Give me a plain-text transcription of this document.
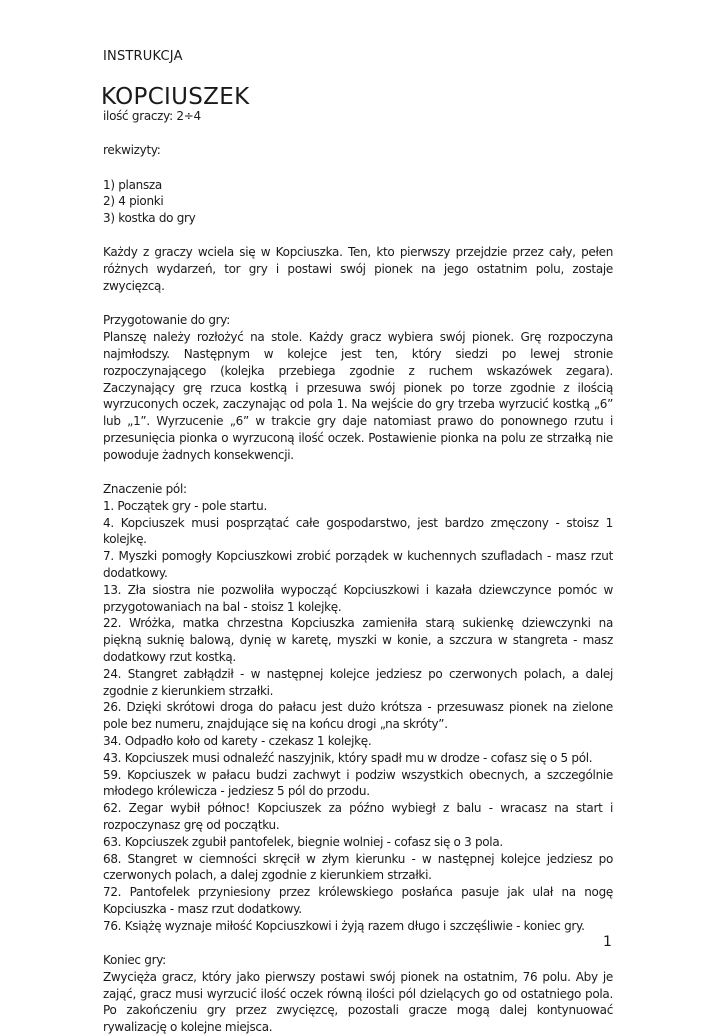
INSTRUKCJA
KOPCIUSZEK
ilość graczy: 2÷4
rekwizyty:
1) plansza
2) 4 pionki
3) kostka do gry
Każdy z graczy wciela się w Kopciuszka. Ten, kto pierwszy przejdzie przez cały, pełen różnych wydarzeń, tor gry i postawi swój pionek na jego ostatnim polu, zostaje zwycięzcą.
Przygotowanie do gry:
Planszę należy rozłożyć na stole. Każdy gracz wybiera swój pionek. Grę rozpoczyna najmłodszy. Następnym w kolejce jest ten, który siedzi po lewej stronie rozpoczynającego (kolejka przebiega zgodnie z ruchem wskazówek zegara). Zaczynający grę rzuca kostką i przesuwa swój pionek po torze zgodnie z ilością wyrzuconych oczek, zaczynając od pola 1. Na wejście do gry trzeba wyrzucić kostką „6” lub „1”. Wyrzucenie „6” w trakcie gry daje natomiast prawo do ponownego rzutu i przesunięcia pionka o wyrzuconą ilość oczek. Postawienie pionka na polu ze strzałką nie powoduje żadnych konsekwencji.
Znaczenie pól:
1. Początek gry - pole startu.
4. Kopciuszek musi posprzątać całe gospodarstwo, jest bardzo zmęczony - stoisz 1 kolejkę.
7. Myszki pomogły Kopciuszkowi zrobić porządek w kuchennych szufladach - masz rzut dodatkowy.
13. Zła siostra nie pozwoliła wypocząć Kopciuszkowi i kazała dziewczynce pomóc w przygotowaniach na bal - stoisz 1 kolejkę.
22. Wróżka, matka chrzestna Kopciuszka zamieniła starą sukienkę dziewczynki na piękną suknię balową, dynię w karetę, myszki w konie, a szczura w stangreta - masz dodatkowy rzut kostką.
24. Stangret zabłądził - w następnej kolejce jedziesz po czerwonych polach, a dalej zgodnie z kierunkiem strzałki.
26. Dzięki skrótowi droga do pałacu jest dużo krótsza - przesuwasz pionek na zielone pole bez numeru, znajdujące się na końcu drogi „na skróty”.
34. Odpadło koło od karety - czekasz 1 kolejkę.
43. Kopciuszek musi odnaleźć naszyjnik, który spadł mu w drodze - cofasz się o 5 pól.
59. Kopciuszek w pałacu budzi zachwyt i podziw wszystkich obecnych, a szczególnie młodego królewicza - jedziesz 5 pól do przodu.
62. Zegar wybił północ! Kopciuszek za późno wybiegł z balu - wracasz na start i rozpoczynasz grę od początku.
63. Kopciuszek zgubił pantofelek, biegnie wolniej - cofasz się o 3 pola.
68. Stangret w ciemności skręcił w złym kierunku - w następnej kolejce jedziesz po czerwonych polach, a dalej zgodnie z kierunkiem strzałki.
72. Pantofelek przyniesiony przez królewskiego posłańca pasuje jak ulał na nogę Kopciuszka - masz rzut dodatkowy.
76. Książę wyznaje miłość Kopciuszkowi i żyją razem długo i szczęśliwie - koniec gry.
Koniec gry:
Zwycięża gracz, który jako pierwszy postawi swój pionek na ostatnim, 76 polu. Aby je zająć, gracz musi wyrzucić ilość oczek równą ilości pól dzielących go od ostatniego pola. Po zakończeniu gry przez zwycięzcę, pozostali gracze mogą dalej kontynuować rywalizację o kolejne miejsca.
1
